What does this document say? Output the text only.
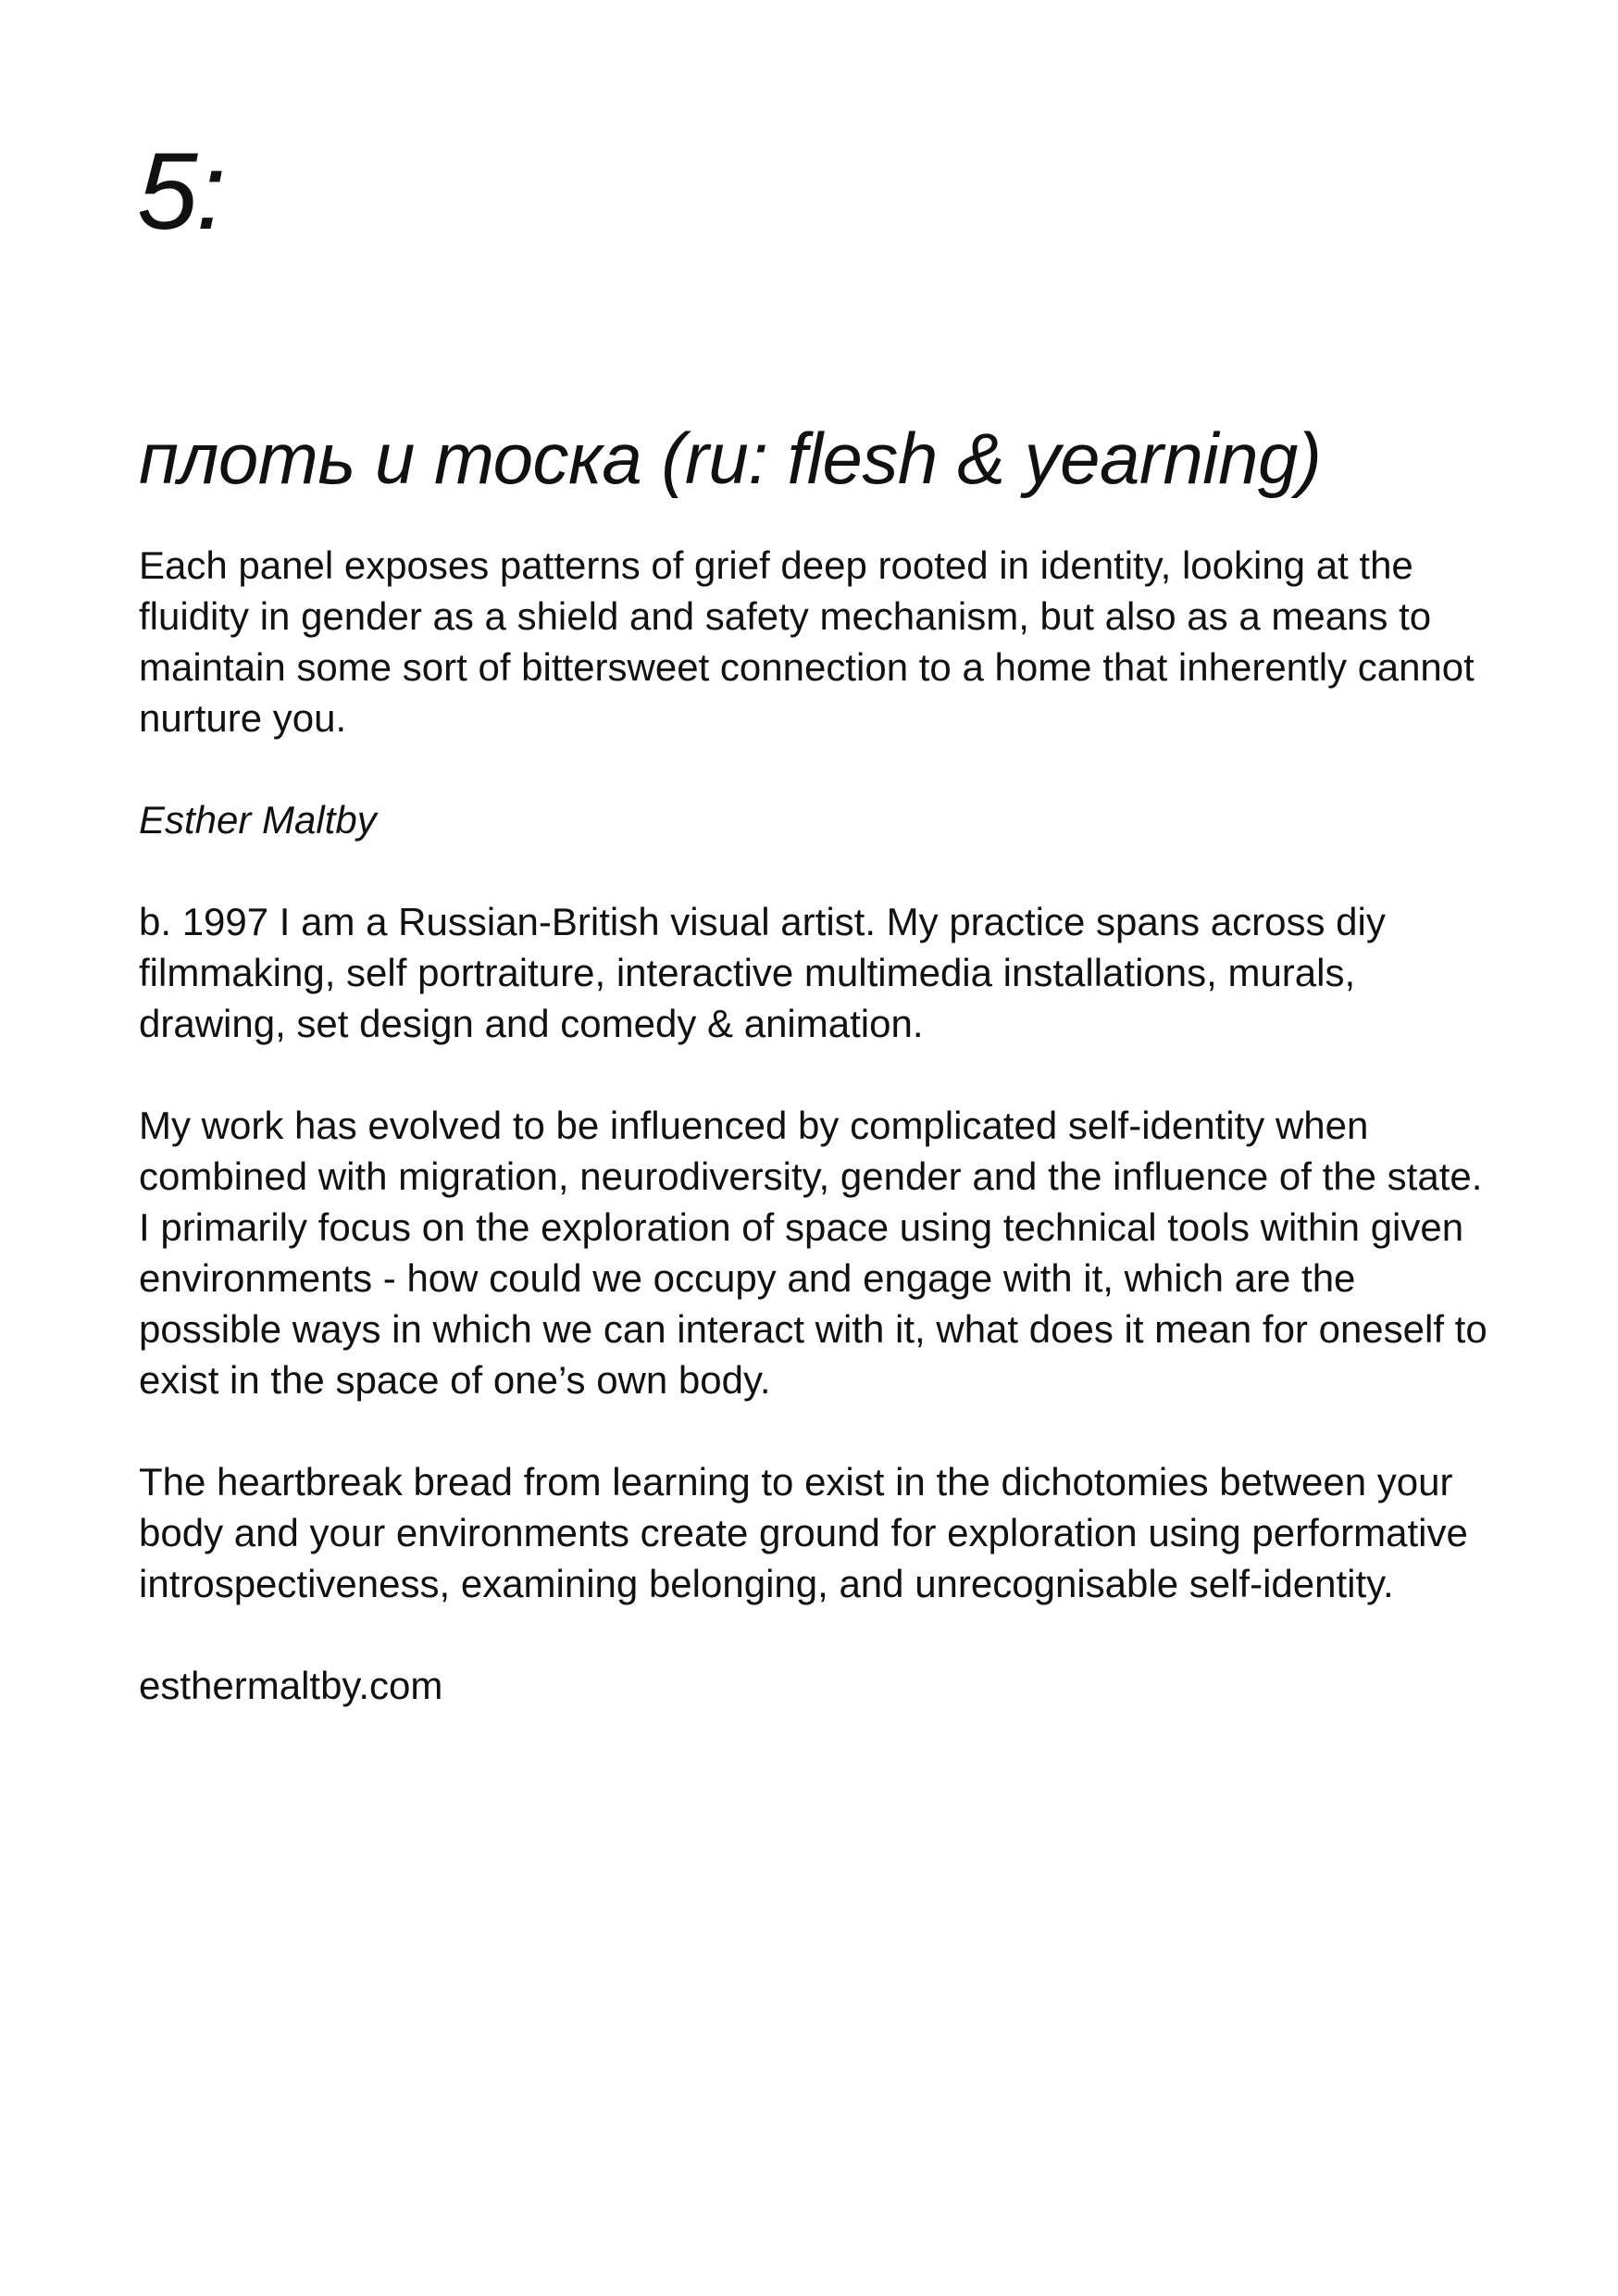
5:
плоть и тоска (ru: flesh & yearning)

Each panel exposes patterns of grief deep rooted in identity, looking at the fluidity in gender as a shield and safety mechanism, but also as a means to maintain some sort of bittersweet connection to a home that inherently cannot nurture you.

Esther Maltby

b. 1997 I am a Russian-British visual artist. My practice spans across diy filmmaking, self portraiture, interactive multimedia installations, murals, drawing, set design and comedy & animation.

My work has evolved to be influenced by complicated self-identity when combined with migration, neurodiversity, gender and the influence of the state. I primarily focus on the exploration of space using technical tools within given environments - how could we occupy and engage with it, which are the possible ways in which we can interact with it, what does it mean for oneself to exist in the space of one’s own body.

The heartbreak bread from learning to exist in the dichotomies between your body and your environments create ground for exploration using performative introspectiveness, examining belonging, and unrecognisable self-identity.

esthermaltby.com
